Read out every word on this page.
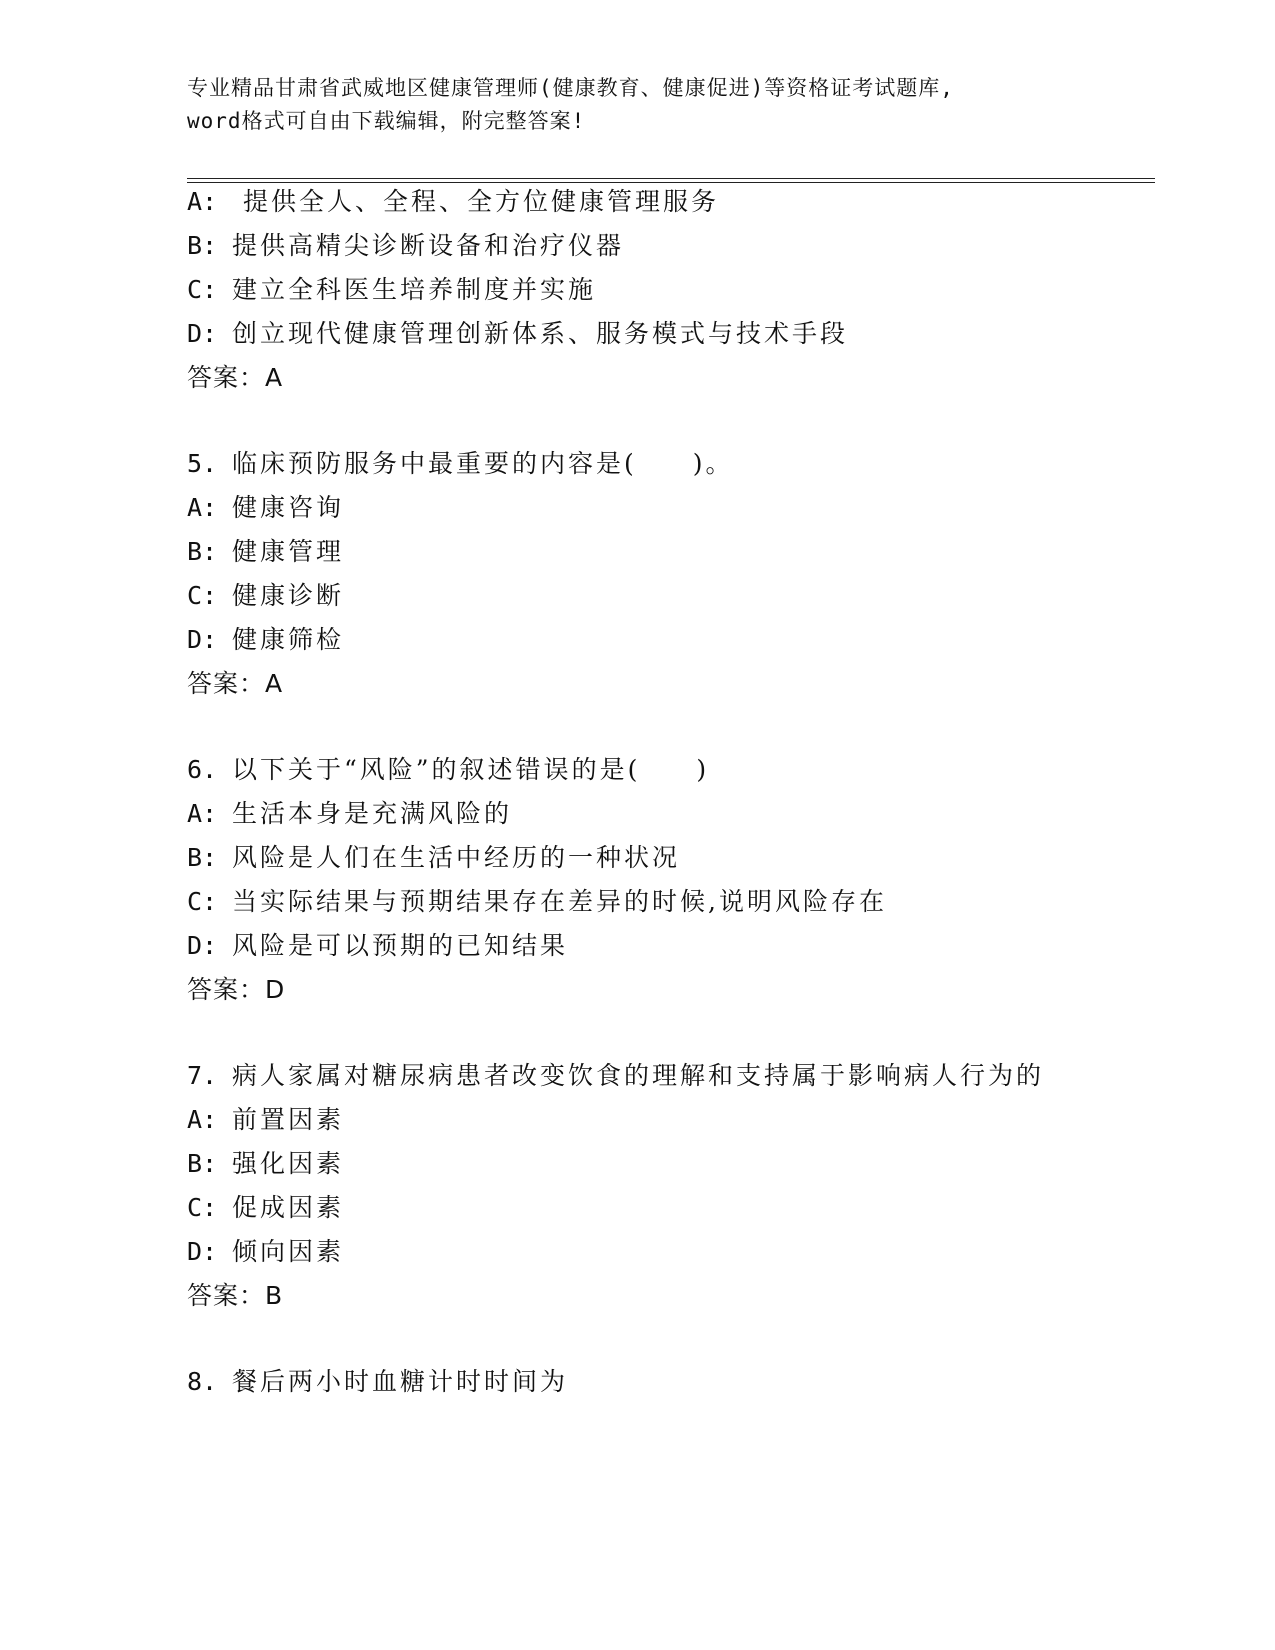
专业精品甘肃省武威地区健康管理师(健康教育、健康促进)等资格证考试题库,
word格式可自由下载编辑，附完整答案!
A: 提供全人、全程、全方位健康管理服务
B: 提供高精尖诊断设备和治疗仪器
C: 建立全科医生培养制度并实施
D: 创立现代健康管理创新体系、服务模式与技术手段
答案：A
5. 临床预防服务中最重要的内容是(　　)。
A: 健康咨询
B: 健康管理
C: 健康诊断
D: 健康筛检
答案：A
6. 以下关于“风险”的叙述错误的是(　　)
A: 生活本身是充满风险的
B: 风险是人们在生活中经历的一种状况
C: 当实际结果与预期结果存在差异的时候,说明风险存在
D: 风险是可以预期的已知结果
答案：D
7. 病人家属对糖尿病患者改变饮食的理解和支持属于影响病人行为的
A: 前置因素
B: 强化因素
C: 促成因素
D: 倾向因素
答案：B
8. 餐后两小时血糖计时时间为
